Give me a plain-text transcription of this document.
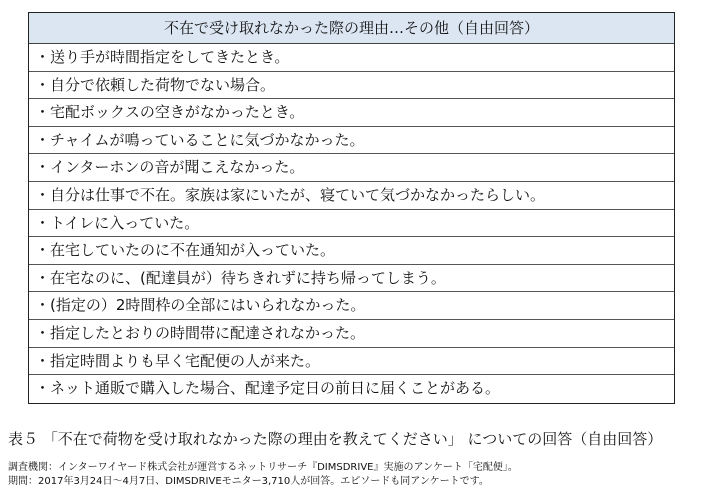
不在で受け取れなかった際の理由…その他（自由回答）
・送り手が時間指定をしてきたとき。
・自分で依頼した荷物でない場合。
・宅配ボックスの空きがなかったとき。
・チャイムが鳴っていることに気づかなかった。
・インターホンの音が聞こえなかった。
・自分は仕事で不在。家族は家にいたが、寝ていて気づかなかったらしい。
・トイレに入っていた。
・在宅していたのに不在通知が入っていた。
・在宅なのに、(配達員が）待ちきれずに持ち帰ってしまう。
・(指定の）2時間枠の全部にはいられなかった。
・指定したとおりの時間帯に配達されなかった。
・指定時間よりも早く宅配便の人が来た。
・ネット通販で購入した場合、配達予定日の前日に届くことがある。
表５ 「不在で荷物を受け取れなかった際の理由を教えてください」 についての回答（自由回答）
調査機関：インターワイヤード株式会社が運営するネットリサーチ『DIMSDRIVE』実施のアンケート「宅配便」。
期間：2017年3月24日～4月7日、DIMSDRIVEモニター3,710人が回答。エピソードも同アンケートです。
